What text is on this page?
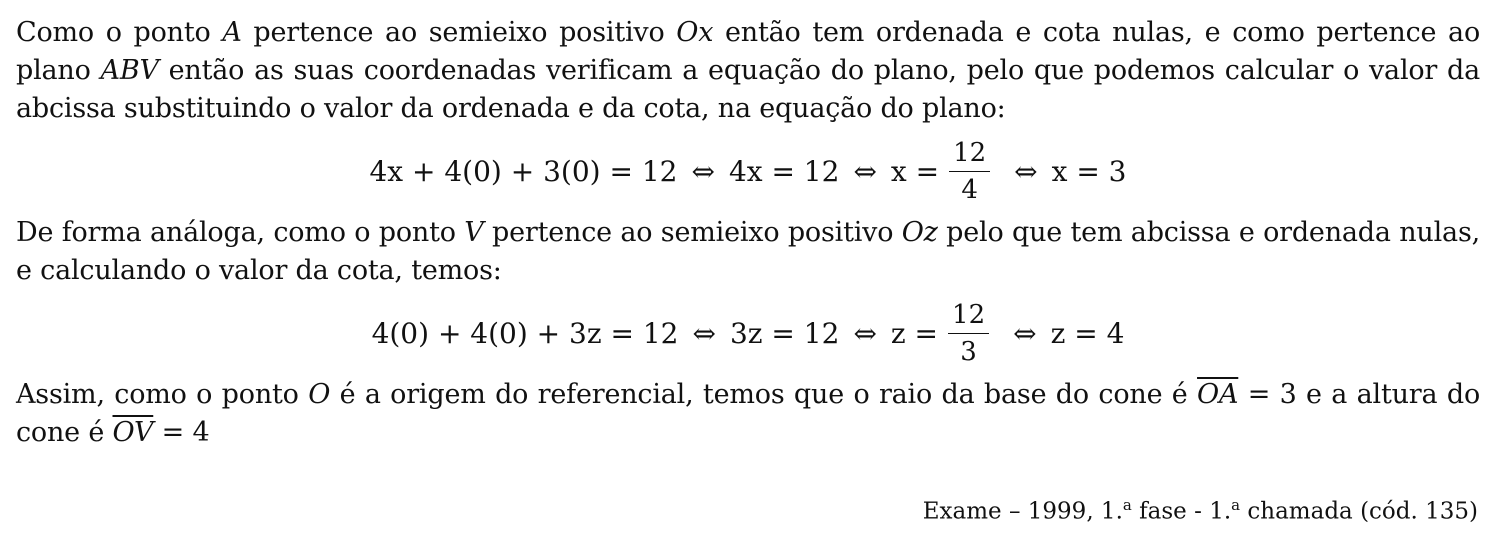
Como o ponto A pertence ao semieixo positivo Ox então tem ordenada e cota nulas, e como pertence ao plano ABV então as suas coordenadas verificam a equação do plano, pelo que podemos calcular o valor da abcissa substituindo o valor da ordenada e da cota, na equação do plano:

4x + 4(0) + 3(0) = 12 ⇔ 4x = 12 ⇔ $x = \frac{12}{4}$ ⇔ x = 3

De forma análoga, como o ponto V pertence ao semieixo positivo Oz pelo que tem abcissa e ordenada nulas, e calculando o valor da cota, temos:

4(0) + 4(0) + 3z = 12 ⇔ 3z = 12 ⇔ $z = \frac{12}{3}$ ⇔ z = 4

Assim, como o ponto O é a origem do referencial, temos que o raio da base do cone é $\overline{OA} = 3$ e a altura do cone é $\overline{OV} = 4$

Exame – 1999, 1.$^a$ fase - 1.$^a$ chamada (cód. 135)
